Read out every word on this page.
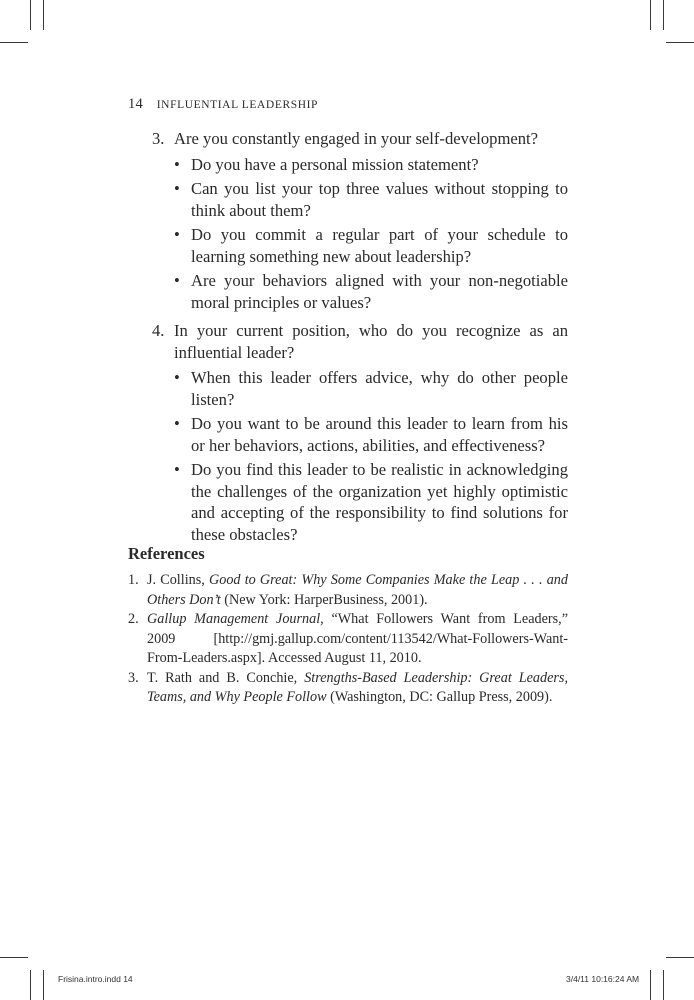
14 INFLUENTIAL LEADERSHIP
3. Are you constantly engaged in your self-development?
• Do you have a personal mission statement?
• Can you list your top three values without stopping to think about them?
• Do you commit a regular part of your schedule to learning something new about leadership?
• Are your behaviors aligned with your non-negotiable moral principles or values?
4. In your current position, who do you recognize as an influential leader?
• When this leader offers advice, why do other people listen?
• Do you want to be around this leader to learn from his or her behaviors, actions, abilities, and effectiveness?
• Do you find this leader to be realistic in acknowledging the challenges of the organization yet highly optimistic and accepting of the responsibility to find solutions for these obstacles?
References
1. J. Collins, Good to Great: Why Some Companies Make the Leap . . . and Others Don’t (New York: HarperBusiness, 2001).
2. Gallup Management Journal, “What Followers Want from Leaders,” 2009 [http://gmj.gallup.com/content/113542/What-Followers-Want-From-Leaders.aspx]. Accessed August 11, 2010.
3. T. Rath and B. Conchie, Strengths-Based Leadership: Great Leaders, Teams, and Why People Follow (Washington, DC: Gallup Press, 2009).
Frisina.intro.indd 14	3/4/11 10:16:24 AM
